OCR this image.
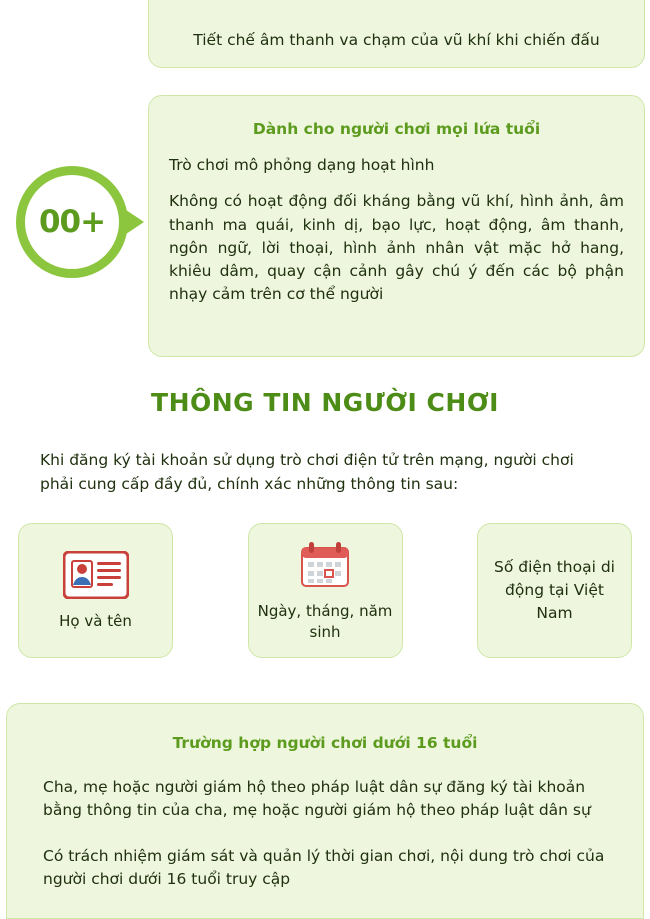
Tiết chế âm thanh va chạm của vũ khí khi chiến đấu
00+
Dành cho người chơi mọi lứa tuổi
Trò chơi mô phỏng dạng hoạt hình

Không có hoạt động đối kháng bằng vũ khí, hình ảnh, âm thanh ma quái, kinh dị, bạo lực, hoạt động, âm thanh, ngôn ngữ, lời thoại, hình ảnh nhân vật mặc hở hang, khiêu dâm, quay cận cảnh gây chú ý đến các bộ phận nhạy cảm trên cơ thể người

THÔNG TIN NGƯỜI CHƠI
Khi đăng ký tài khoản sử dụng trò chơi điện tử trên mạng, người chơi phải cung cấp đầy đủ, chính xác những thông tin sau:
Họ và tên
Ngày, tháng, năm sinh
Số điện thoại di động tại Việt Nam
Trường hợp người chơi dưới 16 tuổi

Cha, mẹ hoặc người giám hộ theo pháp luật dân sự đăng ký tài khoản bằng thông tin của cha, mẹ hoặc người giám hộ theo pháp luật dân sự

Có trách nhiệm giám sát và quản lý thời gian chơi, nội dung trò chơi của người chơi dưới 16 tuổi truy cập
